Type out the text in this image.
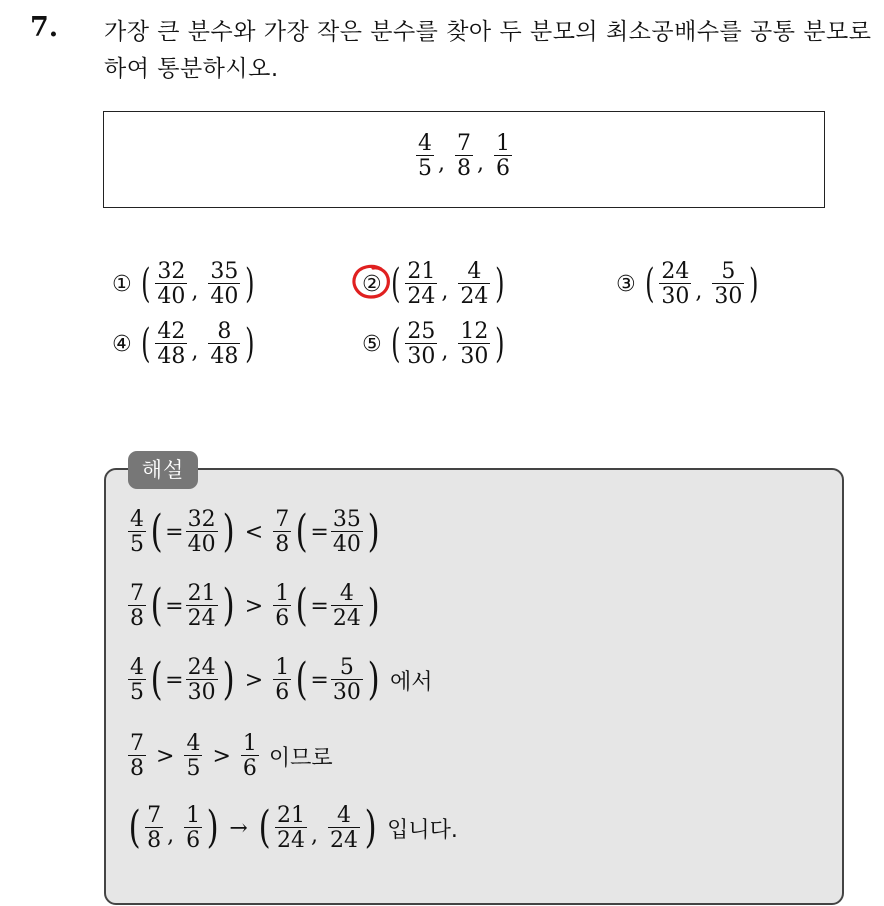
7. 가장 큰 분수와 가장 작은 분수를 찾아 두 분모의 최소공배수를 공통 분모로 하여 통분하시오.
$\frac{4}{5}$ , $\frac{7}{8}$ , $\frac{1}{6}$
① ( $\frac{32}{40}$ , $\frac{35}{40}$ )	② ( $\frac{21}{24}$ , $\frac{4}{24}$ )	③ ( $\frac{24}{30}$ , $\frac{5}{30}$ )
④ ( $\frac{42}{48}$ , $\frac{8}{48}$ )	⑤ ( $\frac{25}{30}$ , $\frac{12}{30}$ )
해설
$\frac{4}{5}$ ( = $\frac{32}{40}$ ) < $\frac{7}{8}$ ( = $\frac{35}{40}$ )
$\frac{7}{8}$ ( = $\frac{21}{24}$ ) > $\frac{1}{6}$ ( = $\frac{4}{24}$ )
$\frac{4}{5}$ ( = $\frac{24}{30}$ ) > $\frac{1}{6}$ ( = $\frac{5}{30}$ ) 에서
$\frac{7}{8} > \frac{4}{5} > \frac{1}{6}$ 이므로
( $\frac{7}{8}$ , $\frac{1}{6}$ ) → ( $\frac{21}{24}$ , $\frac{4}{24}$ ) 입니다.
